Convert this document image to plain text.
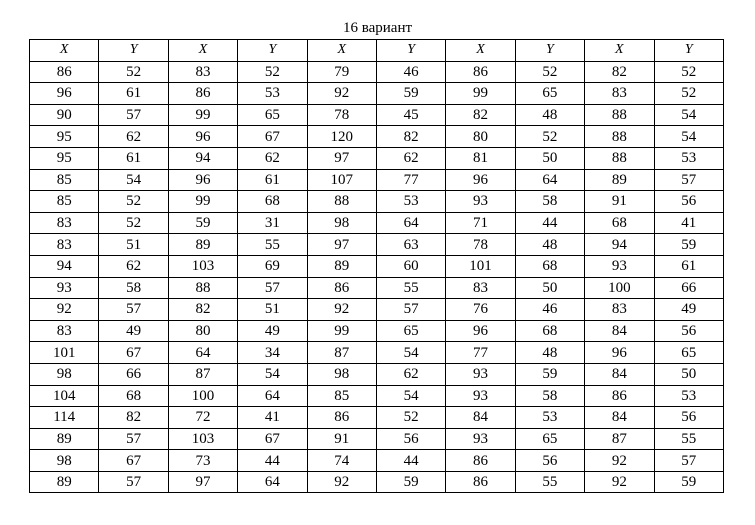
16 вариант
X	Y	X	Y	X	Y	X	Y	X	Y
86	52	83	52	79	46	86	52	82	52
96	61	86	53	92	59	99	65	83	52
90	57	99	65	78	45	82	48	88	54
95	62	96	67	120	82	80	52	88	54
95	61	94	62	97	62	81	50	88	53
85	54	96	61	107	77	96	64	89	57
85	52	99	68	88	53	93	58	91	56
83	52	59	31	98	64	71	44	68	41
83	51	89	55	97	63	78	48	94	59
94	62	103	69	89	60	101	68	93	61
93	58	88	57	86	55	83	50	100	66
92	57	82	51	92	57	76	46	83	49
83	49	80	49	99	65	96	68	84	56
101	67	64	34	87	54	77	48	96	65
98	66	87	54	98	62	93	59	84	50
104	68	100	64	85	54	93	58	86	53
114	82	72	41	86	52	84	53	84	56
89	57	103	67	91	56	93	65	87	55
98	67	73	44	74	44	86	56	92	57
89	57	97	64	92	59	86	55	92	59
